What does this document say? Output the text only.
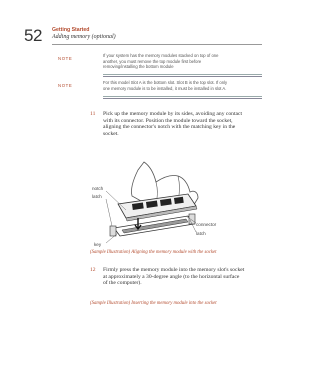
52 Getting Started
Adding memory (optional)
NOTE
If your system has the memory modules stacked on top of one
another, you must remove the top module first before
removing/installing the bottom module
NOTE
For this model Slot A is the bottom slot. Slot B is the top slot. If only
one memory module is to be installed, it must be installed in slot A.
11 Pick up the memory module by its sides, avoiding any contact
with its connector. Position the module toward the socket,
aligning the connector's notch with the matching key in the
socket.
notch
latch
connector
latch
key
(Sample Illustration) Aligning the memory module with the socket
12 Firmly press the memory module into the memory slot's socket
at approximately a 30-degree angle (to the horizontal surface
of the computer).
(Sample Illustration) Inserting the memory module into the socket
